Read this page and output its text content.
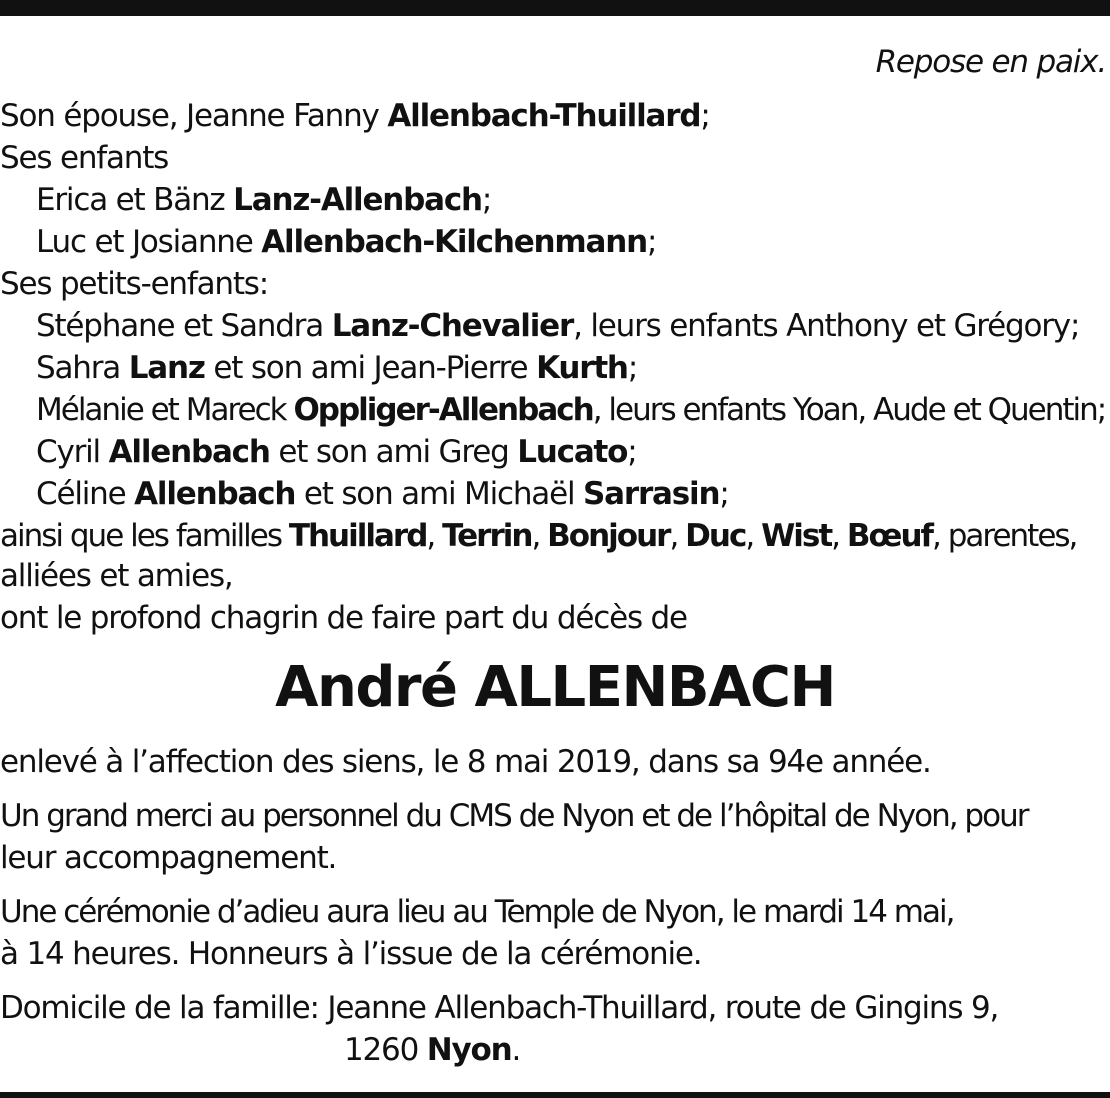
Repose en paix.
Son épouse, Jeanne Fanny Allenbach-Thuillard;
Ses enfants
Erica et Bänz Lanz-Allenbach;
Luc et Josianne Allenbach-Kilchenmann;
Ses petits-enfants:
Stéphane et Sandra Lanz-Chevalier, leurs enfants Anthony et Grégory;
Sahra Lanz et son ami Jean-Pierre Kurth;
Mélanie et Mareck Oppliger-Allenbach, leurs enfants Yoan, Aude et Quentin;
Cyril Allenbach et son ami Greg Lucato;
Céline Allenbach et son ami Michaël Sarrasin;
ainsi que les familles Thuillard, Terrin, Bonjour, Duc, Wist, Bœuf, parentes,
alliées et amies,
ont le profond chagrin de faire part du décès de
André ALLENBACH
enlevé à l’affection des siens, le 8 mai 2019, dans sa 94e année.
Un grand merci au personnel du CMS de Nyon et de l’hôpital de Nyon, pour
leur accompagnement.
Une cérémonie d’adieu aura lieu au Temple de Nyon, le mardi 14 mai,
à 14 heures. Honneurs à l’issue de la cérémonie.
Domicile de la famille: Jeanne Allenbach-Thuillard, route de Gingins 9,
1260 Nyon.
